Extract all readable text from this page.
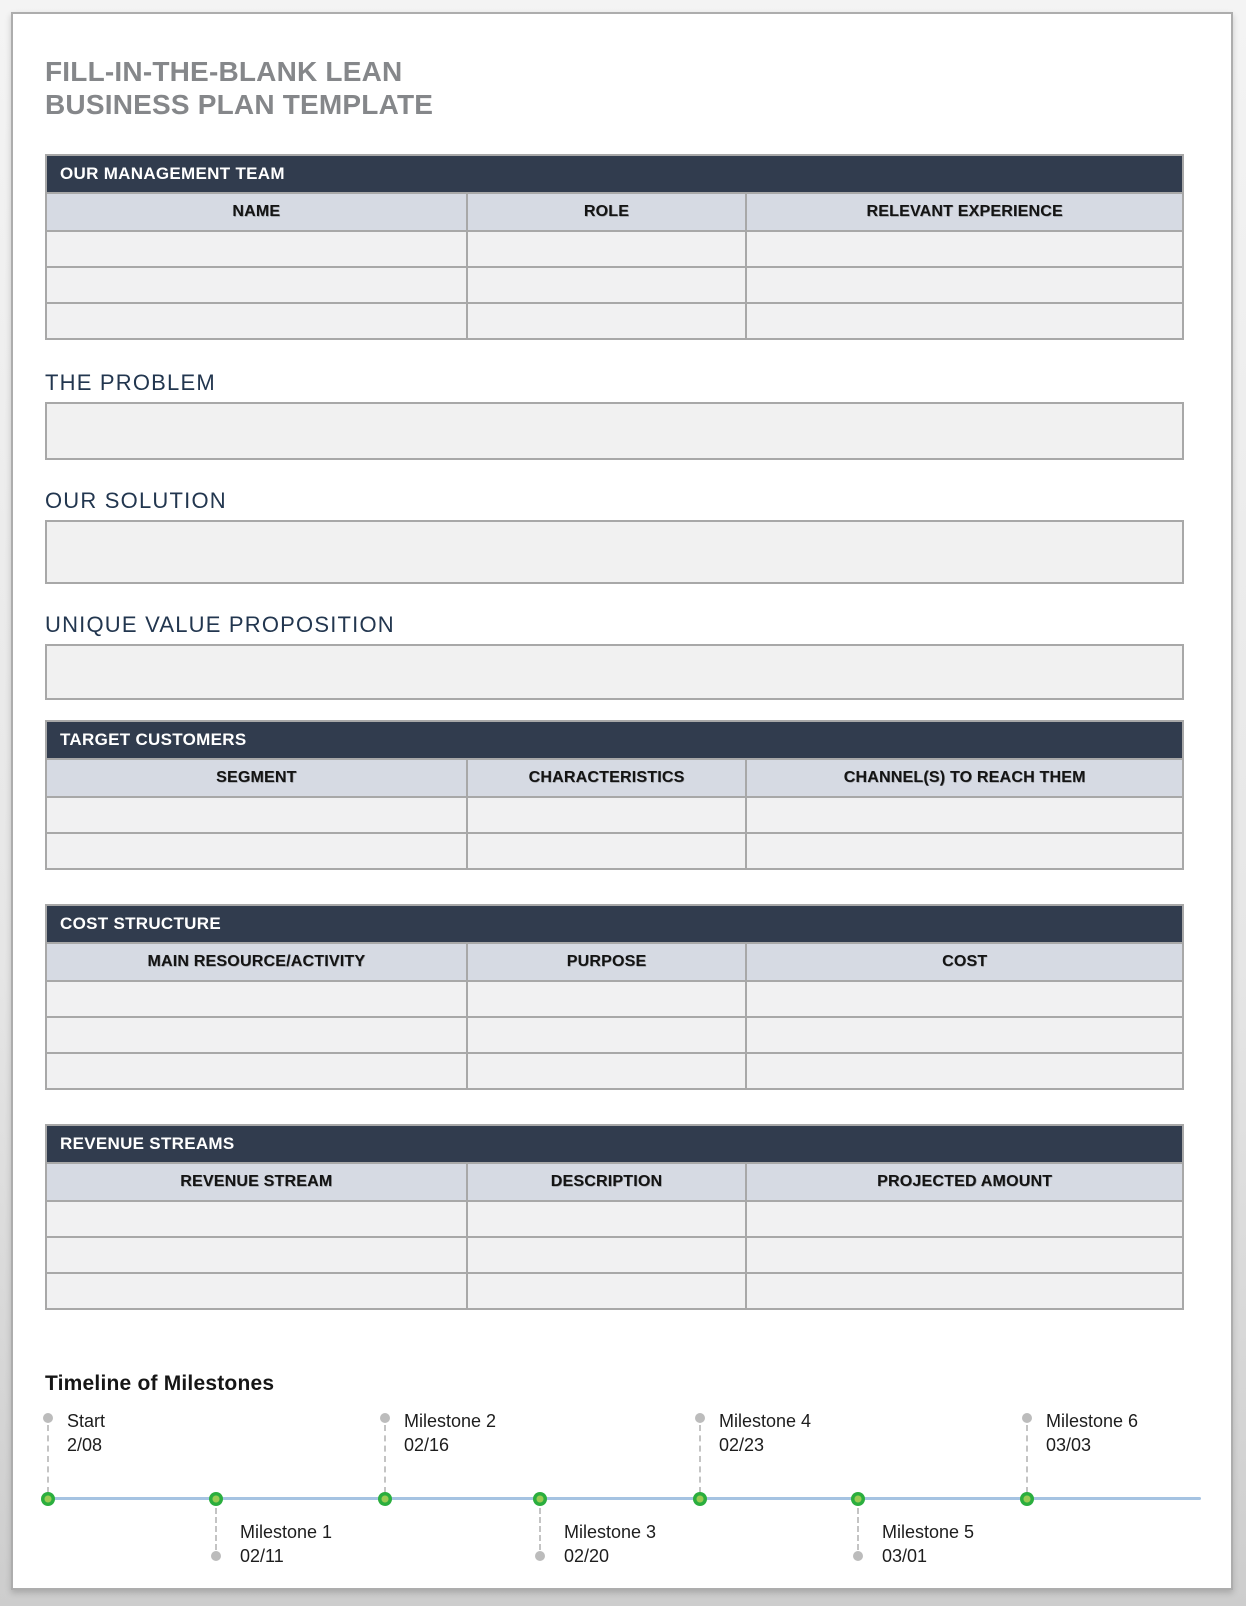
FILL-IN-THE-BLANK LEAN
BUSINESS PLAN TEMPLATE
OUR MANAGEMENT TEAM		
NAME	ROLE	RELEVANT EXPERIENCE

THE PROBLEM
OUR SOLUTION
UNIQUE VALUE PROPOSITION
TARGET CUSTOMERS		
SEGMENT	CHARACTERISTICS	CHANNEL(S) TO REACH THEM

COST STRUCTURE		
MAIN RESOURCE/ACTIVITY	PURPOSE	COST

REVENUE STREAMS		
REVENUE STREAM	DESCRIPTION	PROJECTED AMOUNT

Timeline of Milestones
Start
2/08
Milestone 1
02/11
Milestone 2
02/16
Milestone 3
02/20
Milestone 4
02/23
Milestone 5
03/01
Milestone 6
03/03
